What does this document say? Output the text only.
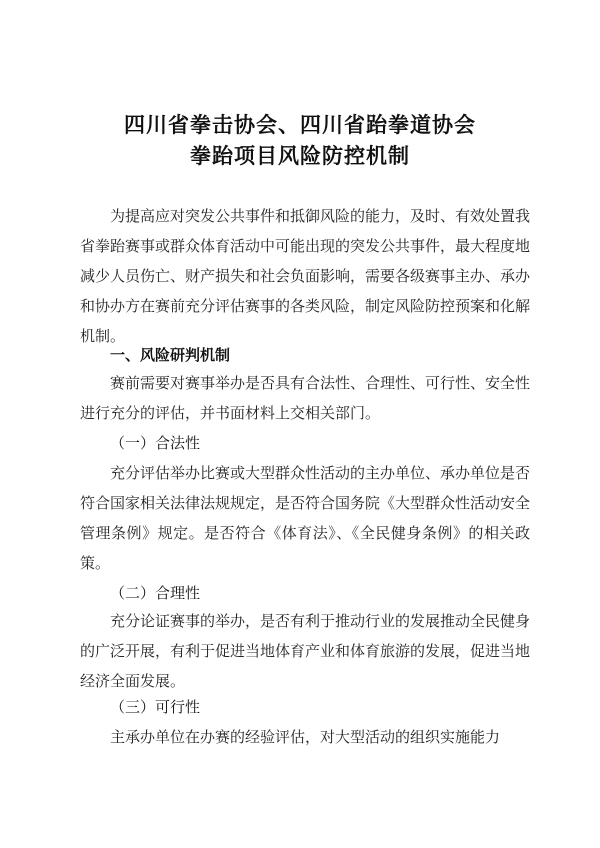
四川省拳击协会、四川省跆拳道协会
拳跆项目风险防控机制

为提高应对突发公共事件和抵御风险的能力，及时、有效处置我省拳跆赛事或群众体育活动中可能出现的突发公共事件，最大程度地减少人员伤亡、财产损失和社会负面影响，需要各级赛事主办、承办和协办方在赛前充分评估赛事的各类风险，制定风险防控预案和化解机制。

一、风险研判机制

赛前需要对赛事举办是否具有合法性、合理性、可行性、安全性进行充分的评估，并书面材料上交相关部门。

（一）合法性

充分评估举办比赛或大型群众性活动的主办单位、承办单位是否符合国家相关法律法规规定，是否符合国务院《大型群众性活动安全管理条例》规定。是否符合《体育法》、《全民健身条例》的相关政策。

（二）合理性

充分论证赛事的举办，是否有利于推动行业的发展推动全民健身的广泛开展，有利于促进当地体育产业和体育旅游的发展，促进当地经济全面发展。

（三）可行性

主承办单位在办赛的经验评估，对大型活动的组织实施能力
